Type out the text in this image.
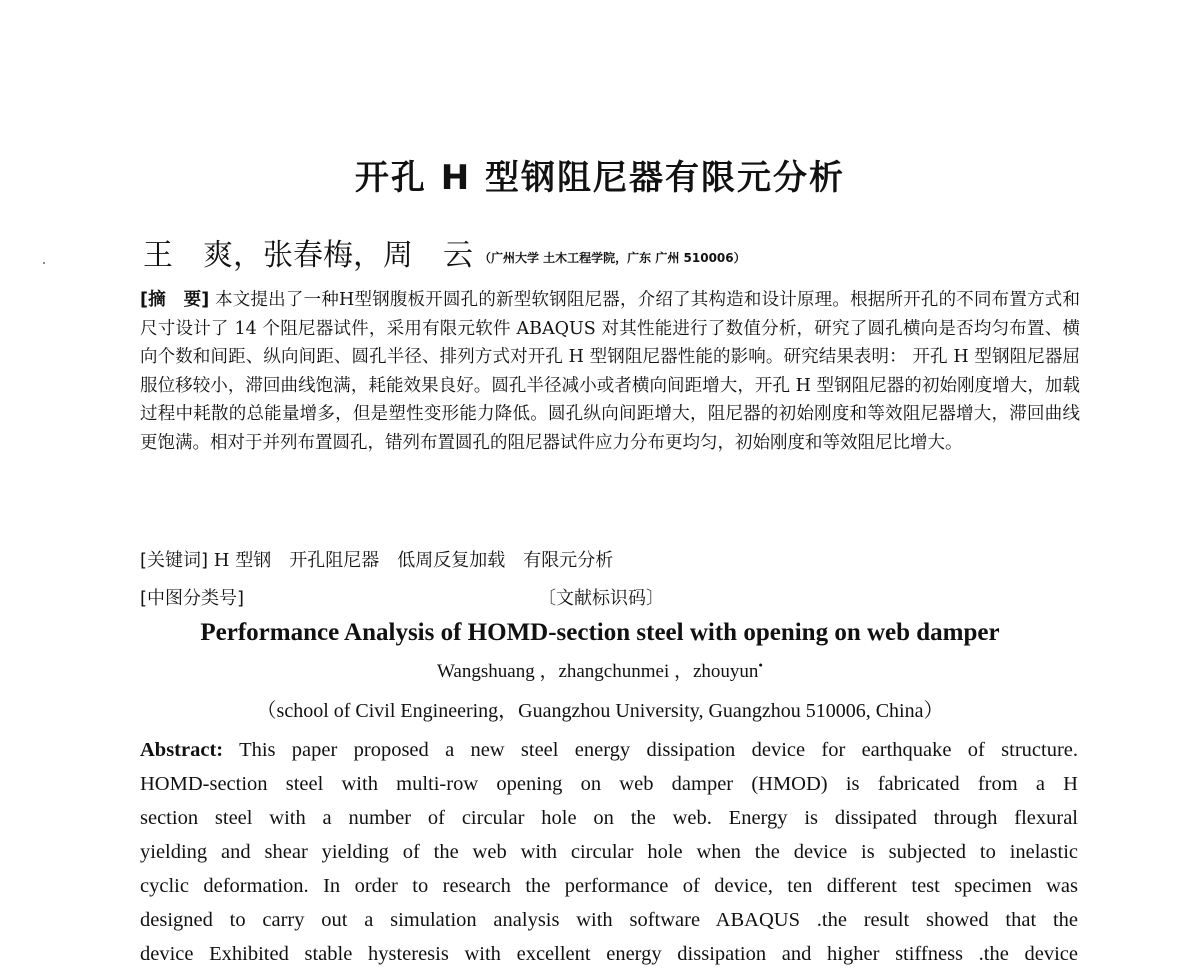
开孔 H 型钢阻尼器有限元分析
王　爽，张春梅，周　云 （广州大学 土木工程学院，广东 广州 510006）
[摘　要] 本文提出了一种H型钢腹板开圆孔的新型软钢阻尼器，介绍了其构造和设计原理。根据所开孔的不同布置方式和尺寸设计了 14 个阻尼器试件，采用有限元软件 ABAQUS 对其性能进行了数值分析，研究了圆孔横向是否均匀布置、横向个数和间距、纵向间距、圆孔半径、排列方式对开孔 H 型钢阻尼器性能的影响。研究结果表明： 开孔 H 型钢阻尼器屈服位移较小，滞回曲线饱满，耗能效果良好。圆孔半径减小或者横向间距增大，开孔 H 型钢阻尼器的初始刚度增大，加载过程中耗散的总能量增多，但是塑性变形能力降低。圆孔纵向间距增大，阻尼器的初始刚度和等效阻尼器增大，滞回曲线更饱满。相对于并列布置圆孔，错列布置圆孔的阻尼器试件应力分布更均匀，初始刚度和等效阻尼比增大。
[关键词] H 型钢　开孔阻尼器　低周反复加载　有限元分析
[中图分类号]	〔文献标识码〕
Performance Analysis of HOMD-section steel with opening on web damper
Wangshuang ，zhangchunmei ，zhouyun•
（school of Civil Engineering，Guangzhou University, Guangzhou 510006, China）
Abstract: This paper proposed a new steel energy dissipation device for earthquake of structure.
HOMD-section steel with multi-row opening on web damper (HMOD) is fabricated from a H
section steel with a number of circular hole on the web. Energy is dissipated through flexural
yielding and shear yielding of the web with circular hole when the device is subjected to inelastic
cyclic deformation. In order to research the performance of device, ten different test specimen was
designed to carry out a simulation analysis with software ABAQUS .the result showed that the
device Exhibited stable hysteresis with excellent energy dissipation and higher stiffness .the device
